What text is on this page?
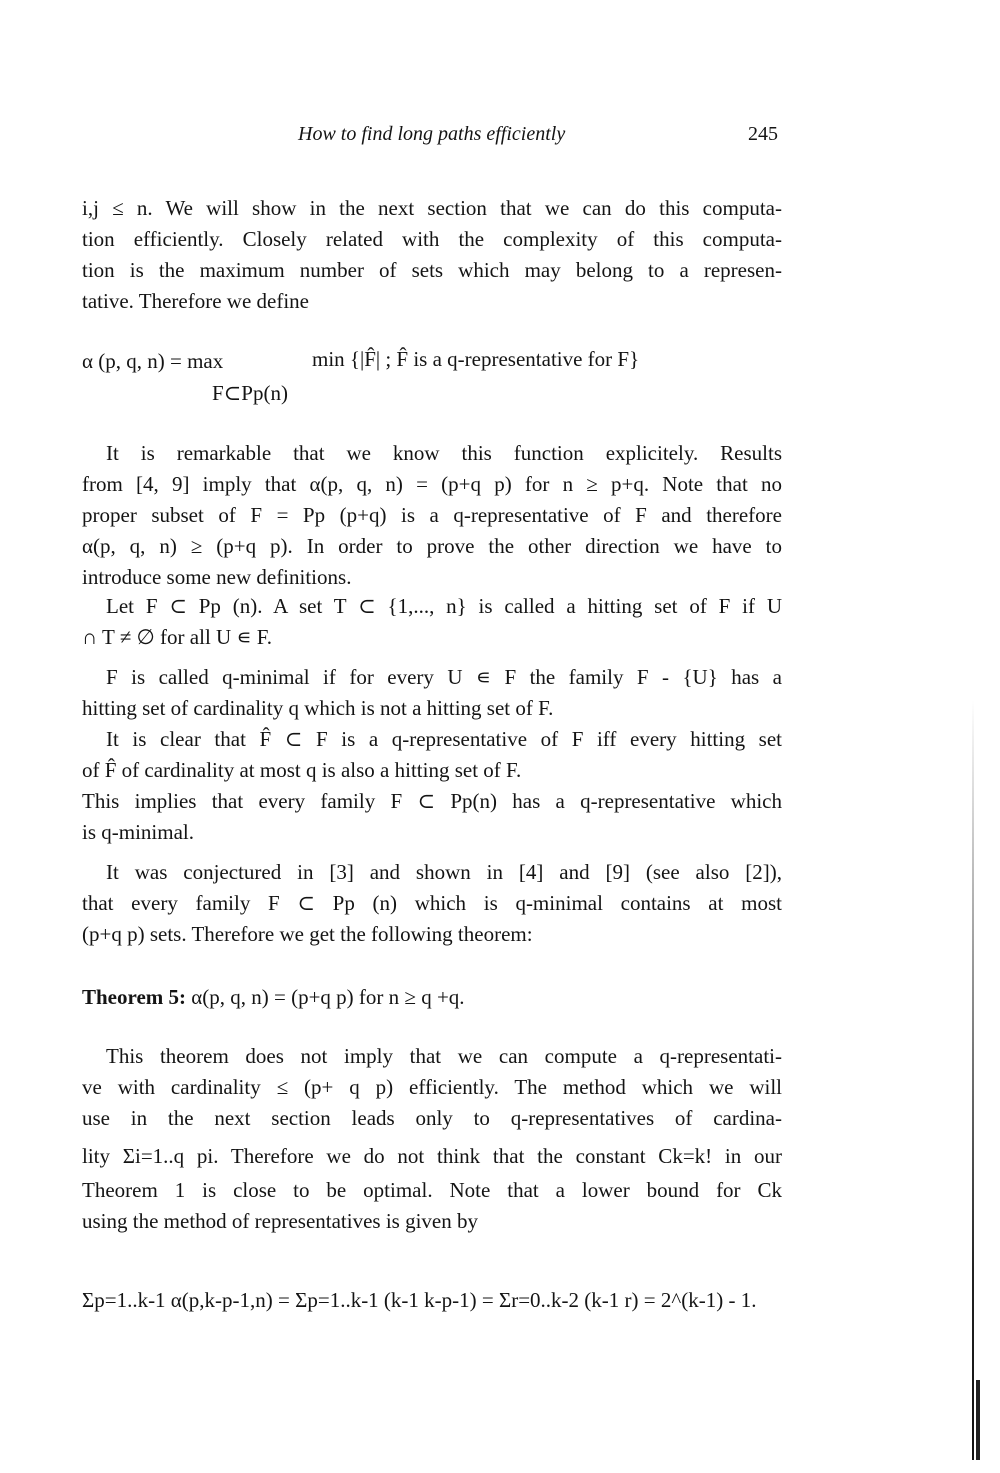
How to find long paths efficiently	245
i,j ≤ n. We will show in the next section that we can do this computa-
tion efficiently. Closely related with the complexity of this computa-
tion is the maximum number of sets which may belong to a represen-
tative. Therefore we define
α (p, q, n) = max	min {|F̂| ; F̂ is a q-representative for F}
F⊂Pp(n)
It is remarkable that we know this function explicitely. Results
from [4, 9] imply that α(p, q, n) = (p+q p) for n ≥ p+q. Note that no
proper subset of F = Pp (p+q) is a q-representative of F and therefore
α(p, q, n) ≥ (p+q p). In order to prove the other direction we have to
introduce some new definitions.
Let F ⊂ Pp (n). A set T ⊂ {1,..., n} is called a hitting set of F if U
∩ T ≠ ∅ for all U ∊ F.
F is called q-minimal if for every U ∊ F the family F - {U} has a
hitting set of cardinality q which is not a hitting set of F.
It is clear that F̂ ⊂ F is a q-representative of F iff every hitting set
of F̂ of cardinality at most q is also a hitting set of F.
This implies that every family F ⊂ Pp(n) has a q-representative which
is q-minimal.
It was conjectured in [3] and shown in [4] and [9] (see also [2]),
that every family F ⊂ Pp (n) which is q-minimal contains at most
(p+q p) sets. Therefore we get the following theorem:
Theorem 5: α(p, q, n) = (p+q p) for n ≥ q +q.
This theorem does not imply that we can compute a q-representati-
ve with cardinality ≤ (p+ q p) efficiently. The method which we will
use in the next section leads only to q-representatives of cardina-
lity Σi=1..q pi. Therefore we do not think that the constant Ck=k! in our
Theorem 1 is close to be optimal. Note that a lower bound for Ck
using the method of representatives is given by
Σp=1..k-1 α(p,k-p-1,n) = Σp=1..k-1 (k-1 k-p-1) = Σr=0..k-2 (k-1 r) = 2^(k-1) - 1.
